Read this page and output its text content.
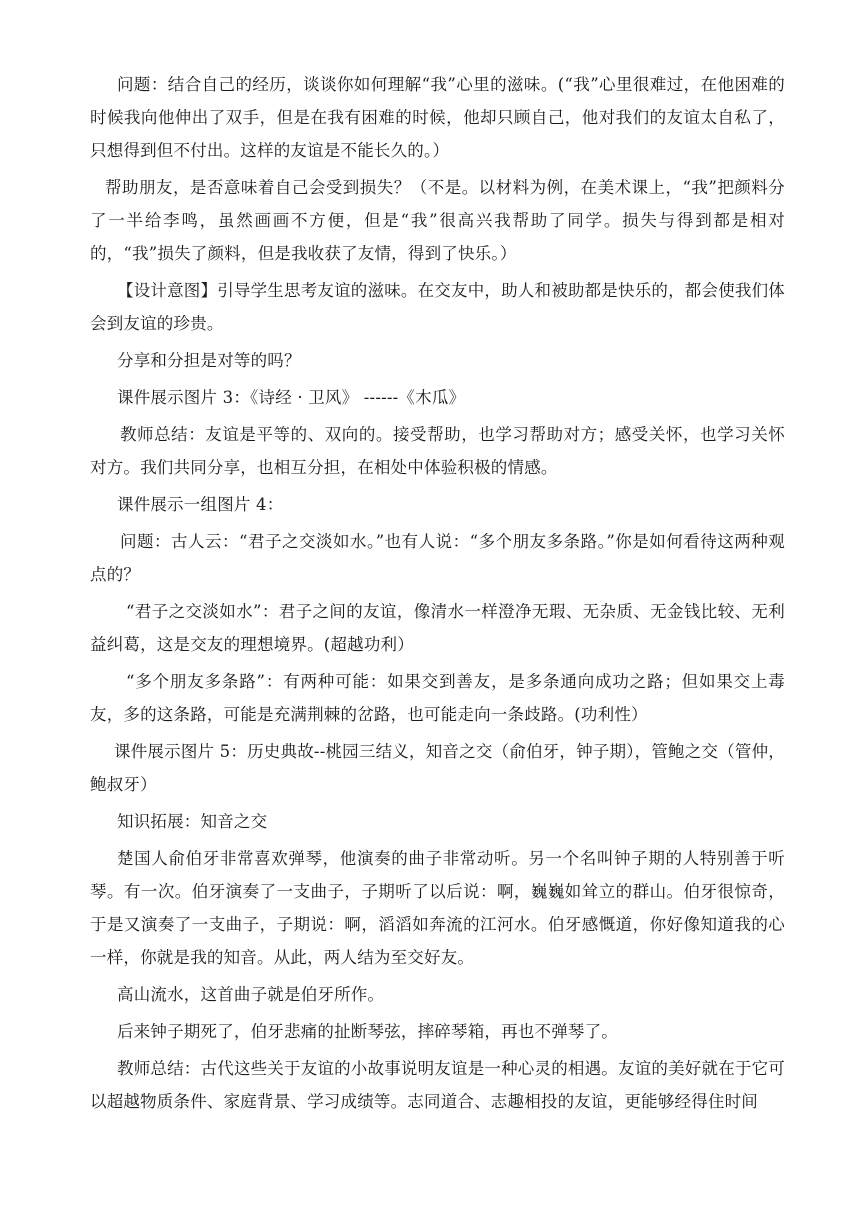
问题：结合自己的经历，谈谈你如何理解“我”心里的滋味。(“我”心里很难过，在他困难的时候我向他伸出了双手，但是在我有困难的时候，他却只顾自己，他对我们的友谊太自私了，只想得到但不付出。这样的友谊是不能长久的。）

帮助朋友，是否意味着自己会受到损失？（不是。以材料为例，在美术课上，“我”把颜料分了一半给李鸣，虽然画画不方便，但是“我”很高兴我帮助了同学。损失与得到都是相对的，“我”损失了颜料，但是我收获了友情，得到了快乐。）

【设计意图】引导学生思考友谊的滋味。在交友中，助人和被助都是快乐的，都会使我们体会到友谊的珍贵。

分享和分担是对等的吗？

课件展示图片 3：《诗经 · 卫风》 ------《木瓜》

教师总结：友谊是平等的、双向的。接受帮助，也学习帮助对方；感受关怀，也学习关怀对方。我们共同分享，也相互分担，在相处中体验积极的情感。

课件展示一组图片 4：

问题：古人云：“君子之交淡如水。”也有人说：“多个朋友多条路。”你是如何看待这两种观点的？

“君子之交淡如水”：君子之间的友谊，像清水一样澄净无瑕、无杂质、无金钱比较、无利益纠葛，这是交友的理想境界。(超越功利）

“多个朋友多条路”：有两种可能：如果交到善友，是多条通向成功之路；但如果交上毒友，多的这条路，可能是充满荆棘的岔路，也可能走向一条歧路。(功利性）

课件展示图片 5：历史典故--桃园三结义，知音之交（俞伯牙，钟子期），管鲍之交（管仲，鲍叔牙）

知识拓展：知音之交

楚国人俞伯牙非常喜欢弹琴，他演奏的曲子非常动听。另一个名叫钟子期的人特别善于听琴。有一次。伯牙演奏了一支曲子，子期听了以后说：啊，巍巍如耸立的群山。伯牙很惊奇，于是又演奏了一支曲子，子期说：啊，滔滔如奔流的江河水。伯牙感慨道，你好像知道我的心一样，你就是我的知音。从此，两人结为至交好友。

高山流水，这首曲子就是伯牙所作。

后来钟子期死了，伯牙悲痛的扯断琴弦，摔碎琴箱，再也不弹琴了。

教师总结：古代这些关于友谊的小故事说明友谊是一种心灵的相遇。友谊的美好就在于它可以超越物质条件、家庭背景、学习成绩等。志同道合、志趣相投的友谊，更能够经得住时间
